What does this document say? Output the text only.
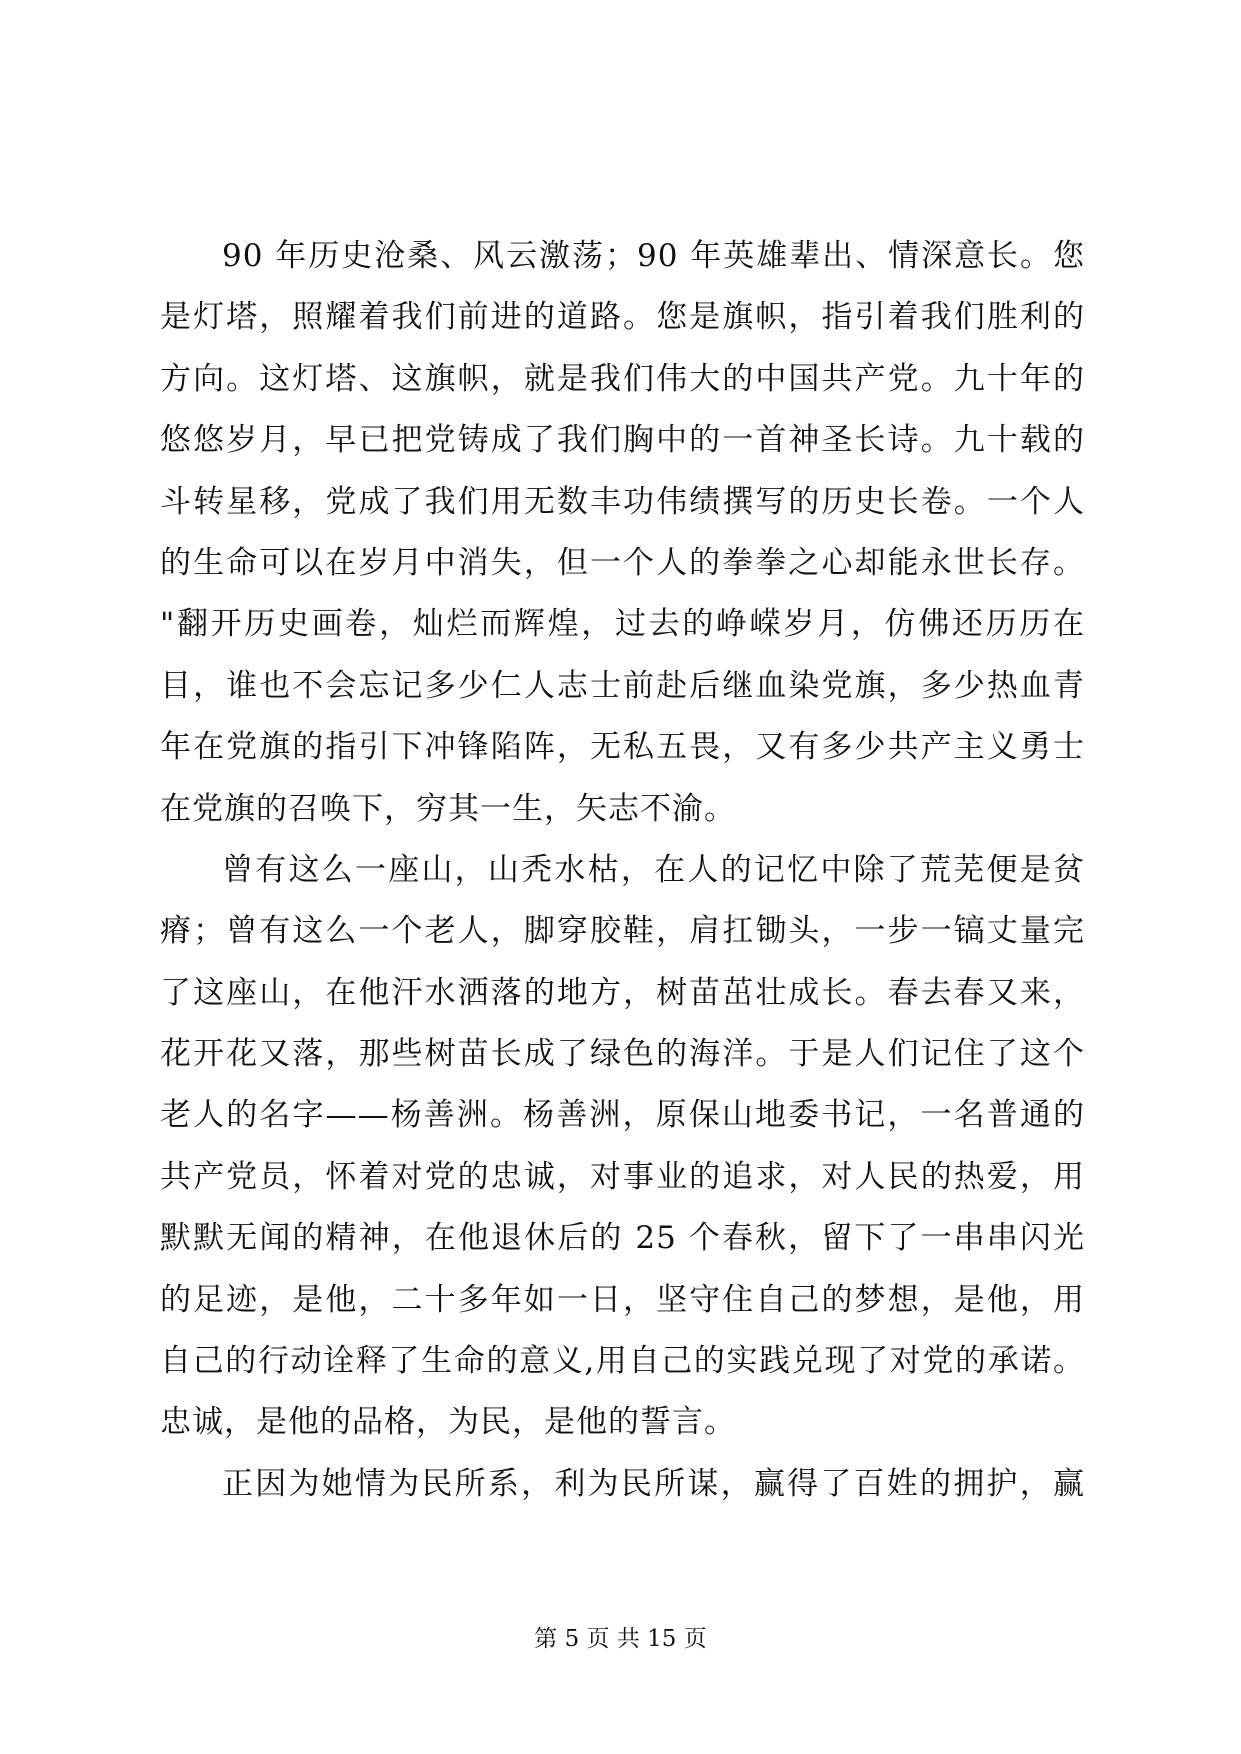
90 年历史沧桑、风云激荡；90 年英雄辈出、情深意长。您
是灯塔，照耀着我们前进的道路。您是旗帜，指引着我们胜利的
方向。这灯塔、这旗帜，就是我们伟大的中国共产党。九十年的
悠悠岁月，早已把党铸成了我们胸中的一首神圣长诗。九十载的
斗转星移，党成了我们用无数丰功伟绩撰写的历史长卷。一个人
的生命可以在岁月中消失，但一个人的拳拳之心却能永世长存。
"翻开历史画卷，灿烂而辉煌，过去的峥嵘岁月，仿佛还历历在
目，谁也不会忘记多少仁人志士前赴后继血染党旗，多少热血青
年在党旗的指引下冲锋陷阵，无私五畏，又有多少共产主义勇士
在党旗的召唤下，穷其一生，矢志不渝。
曾有这么一座山，山秃水枯，在人的记忆中除了荒芜便是贫
瘠；曾有这么一个老人，脚穿胶鞋，肩扛锄头，一步一镐丈量完
了这座山，在他汗水洒落的地方，树苗茁壮成长。春去春又来，
花开花又落，那些树苗长成了绿色的海洋。于是人们记住了这个
老人的名字——杨善洲。杨善洲，原保山地委书记，一名普通的
共产党员，怀着对党的忠诚，对事业的追求，对人民的热爱，用
默默无闻的精神，在他退休后的 25 个春秋，留下了一串串闪光
的足迹，是他，二十多年如一日，坚守住自己的梦想，是他，用
自己的行动诠释了生命的意义,用自己的实践兑现了对党的承诺。
忠诚，是他的品格，为民，是他的誓言。
正因为她情为民所系，利为民所谋，赢得了百姓的拥护，赢
第 5 页 共 15 页
